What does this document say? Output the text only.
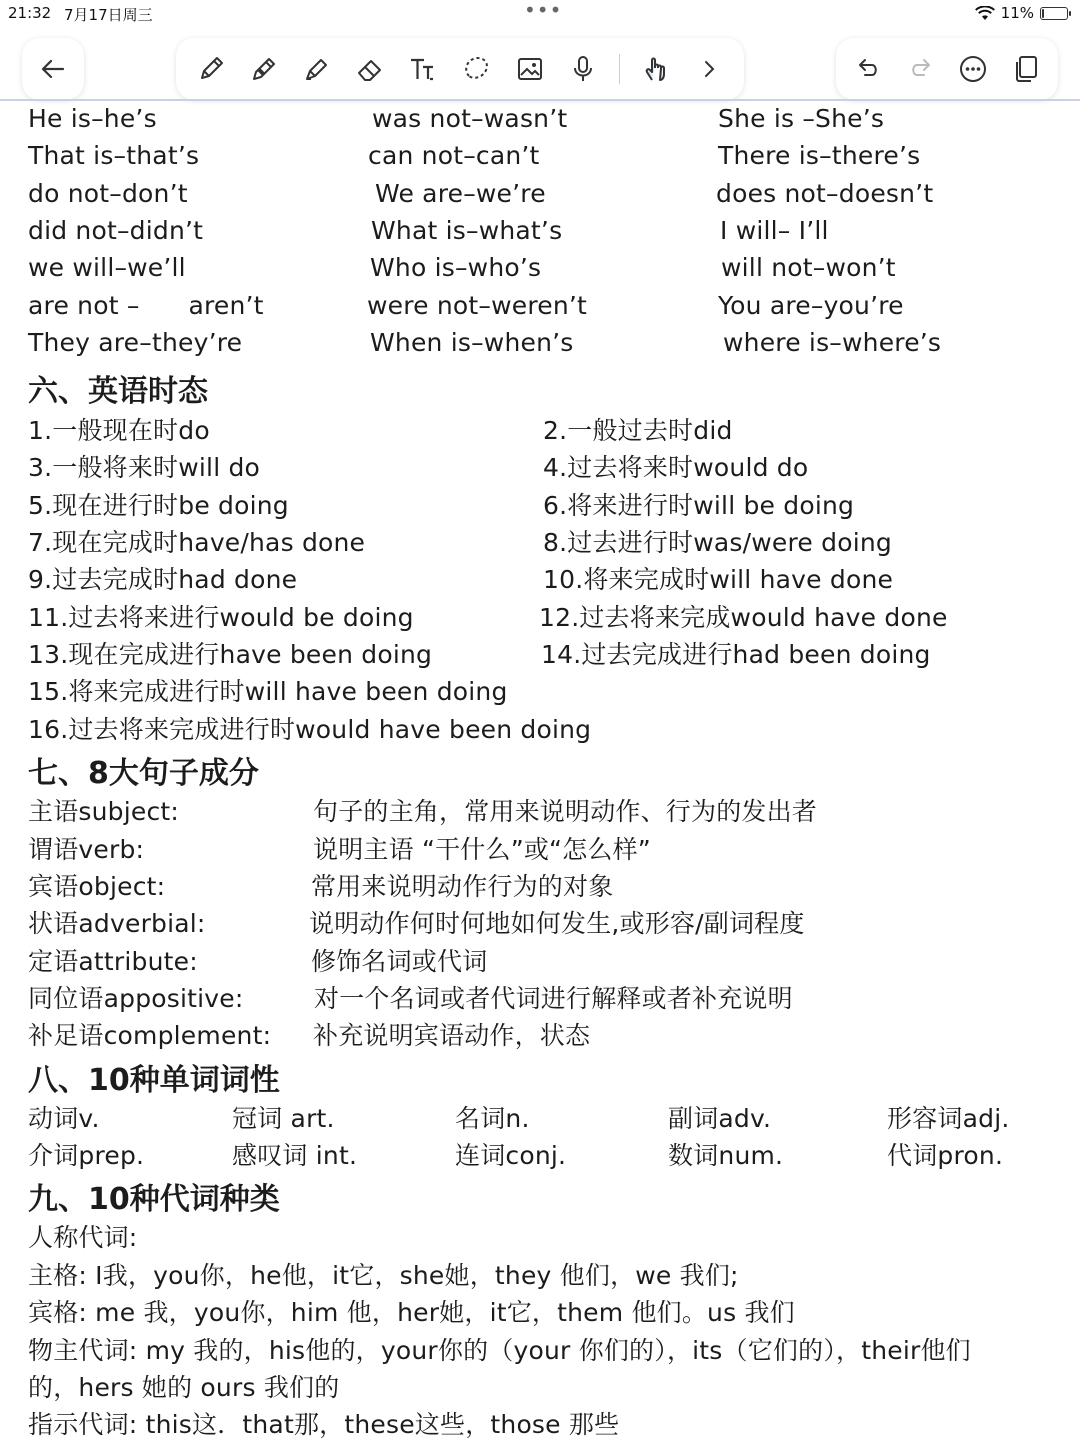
21:32 7月17日周三	•••	11%
He is–he’s	was not–wasn’t	She is –She’s
That is–that’s	can not–can’t	There is–there’s
do not–don’t	We are–we’re	does not–doesn’t
did not–didn’t	What is–what’s	I will– I’ll
we will–we’ll	Who is–who’s	will not–won’t
are not –      aren’t	were not–weren’t	You are–you’re
They are–they’re	When is–when’s	where is–where’s
六、英语时态
1.一般现在时do	2.一般过去时did
3.一般将来时will do	4.过去将来时would do
5.现在进行时be doing	6.将来进行时will be doing
7.现在完成时have/has done	8.过去进行时was/were doing
9.过去完成时had done	10.将来完成时will have done
11.过去将来进行would be doing	12.过去将来完成would have done
13.现在完成进行have been doing	14.过去完成进行had been doing
15.将来完成进行时will have been doing
16.过去将来完成进行时would have been doing
七、8大句子成分
主语subject:	句子的主角，常用来说明动作、行为的发出者
谓语verb:	说明主语 “干什么”或“怎么样”
宾语object:	常用来说明动作行为的对象
状语adverbial:	说明动作何时何地如何发生,或形容/副词程度
定语attribute:	修饰名词或代词
同位语appositive:	对一个名词或者代词进行解释或者补充说明
补足语complement: 补充说明宾语动作，状态
八、10种单词词性
动词v.	冠词 art.	名词n.	副词adv.	形容词adj.
介词prep.	感叹词 int.	连词conj.	数词num.	代词pron.
九、10种代词种类
人称代词:
主格: I我，you你，he他，it它，she她，they 他们，we 我们;
宾格: me 我，you你，him 他，her她，it它，them 他们。us 我们
物主代词: my 我的，his他的，your你的（your 你们的），its（它们的），their他们
的，hers 她的 ours 我们的
指示代词: this这．that那，these这些，those 那些
